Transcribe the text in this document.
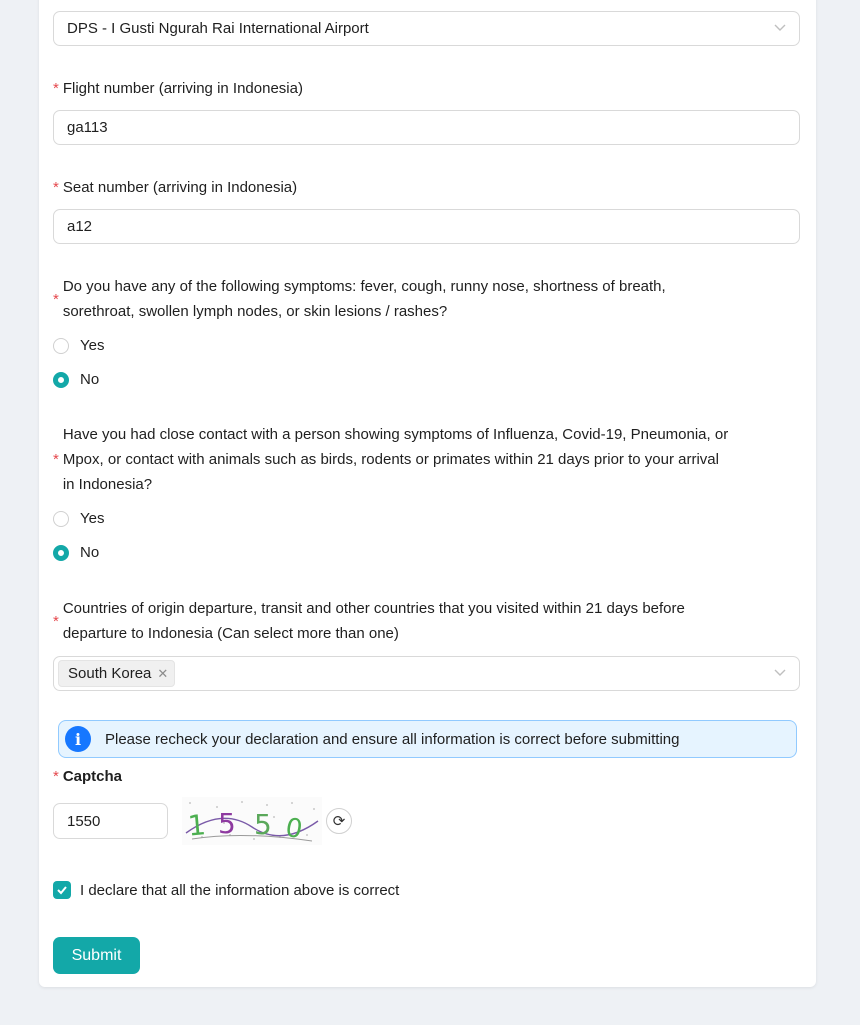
DPS - I Gusti Ngurah Rai International Airport
* Flight number (arriving in Indonesia)
ga113
* Seat number (arriving in Indonesia)
a12
*
Do you have any of the following symptoms: fever, cough, runny nose, shortness of breath,
sorethroat, swollen lymph nodes, or skin lesions / rashes?
Yes
No
*
Have you had close contact with a person showing symptoms of Influenza, Covid-19, Pneumonia, or
Mpox, or contact with animals such as birds, rodents or primates within 21 days prior to your arrival
in Indonesia?
Yes
No
*
Countries of origin departure, transit and other countries that you visited within 21 days before
departure to Indonesia (Can select more than one)
South Korea ✕
i	Please recheck your declaration and ensure all information is correct before submitting
* Captcha
1550	1 5 5 0	⟳
I declare that all the information above is correct
Submit
